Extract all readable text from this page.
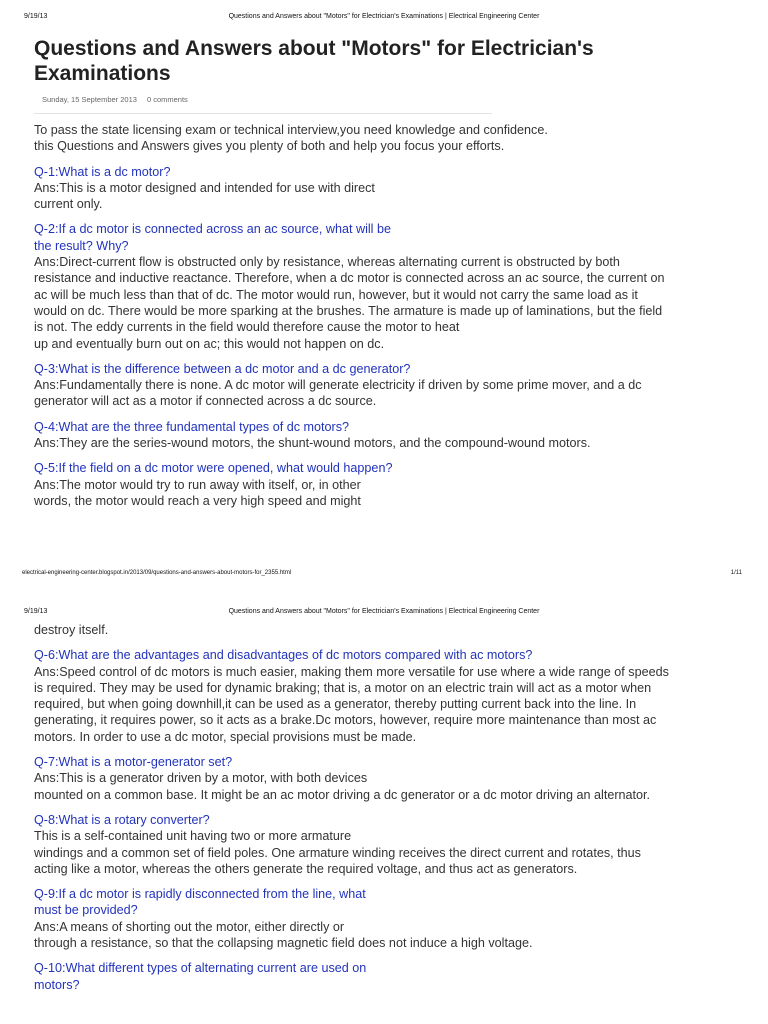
9/19/13	Questions and Answers about "Motors" for Electrician's Examinations | Electrical Engineering Center
Questions and Answers about "Motors" for Electrician's Examinations
Sunday, 15 September 2013 0 comments
To pass the state licensing exam or technical interview,you need knowledge and confidence.
this Questions and Answers gives you plenty of both and help you focus your efforts.
Q-1:What is a dc motor?
Ans:This is a motor designed and intended for use with direct
current only.
Q-2:If a dc motor is connected across an ac source, what will be
the result? Why?
Ans:Direct-current flow is obstructed only by resistance, whereas alternating current is obstructed by both
resistance and inductive reactance. Therefore, when a dc motor is connected across an ac source, the current on
ac will be much less than that of dc. The motor would run, however, but it would not carry the same load as it
would on dc. There would be more sparking at the brushes. The armature is made up of laminations, but the field
is not. The eddy currents in the field would therefore cause the motor to heat
up and eventually burn out on ac; this would not happen on dc.
Q-3:What is the difference between a dc motor and a dc generator?
Ans:Fundamentally there is none. A dc motor will generate electricity if driven by some prime mover, and a dc
generator will act as a motor if connected across a dc source.
Q-4:What are the three fundamental types of dc motors?
Ans:They are the series-wound motors, the shunt-wound motors, and the compound-wound motors.
Q-5:If the field on a dc motor were opened, what would happen?
Ans:The motor would try to run away with itself, or, in other
words, the motor would reach a very high speed and might
electrical-engineering-center.blogspot.in/2013/09/questions-and-answers-about-motors-for_2355.html	1/11
9/19/13	Questions and Answers about "Motors" for Electrician's Examinations | Electrical Engineering Center
destroy itself.
Q-6:What are the advantages and disadvantages of dc motors compared with ac motors?
Ans:Speed control of dc motors is much easier, making them more versatile for use where a wide range of speeds
is required. They may be used for dynamic braking; that is, a motor on an electric train will act as a motor when
required, but when going downhill,it can be used as a generator, thereby putting current back into the line. In
generating, it requires power, so it acts as a brake.Dc motors, however, require more maintenance than most ac
motors. In order to use a dc motor, special provisions must be made.
Q-7:What is a motor-generator set?
Ans:This is a generator driven by a motor, with both devices
mounted on a common base. It might be an ac motor driving a dc generator or a dc motor driving an alternator.
Q-8:What is a rotary converter?
This is a self-contained unit having two or more armature
windings and a common set of field poles. One armature winding receives the direct current and rotates, thus
acting like a motor, whereas the others generate the required voltage, and thus act as generators.
Q-9:If a dc motor is rapidly disconnected from the line, what
must be provided?
Ans:A means of shorting out the motor, either directly or
through a resistance, so that the collapsing magnetic field does not induce a high voltage.
Q-10:What different types of alternating current are used on
motors?
